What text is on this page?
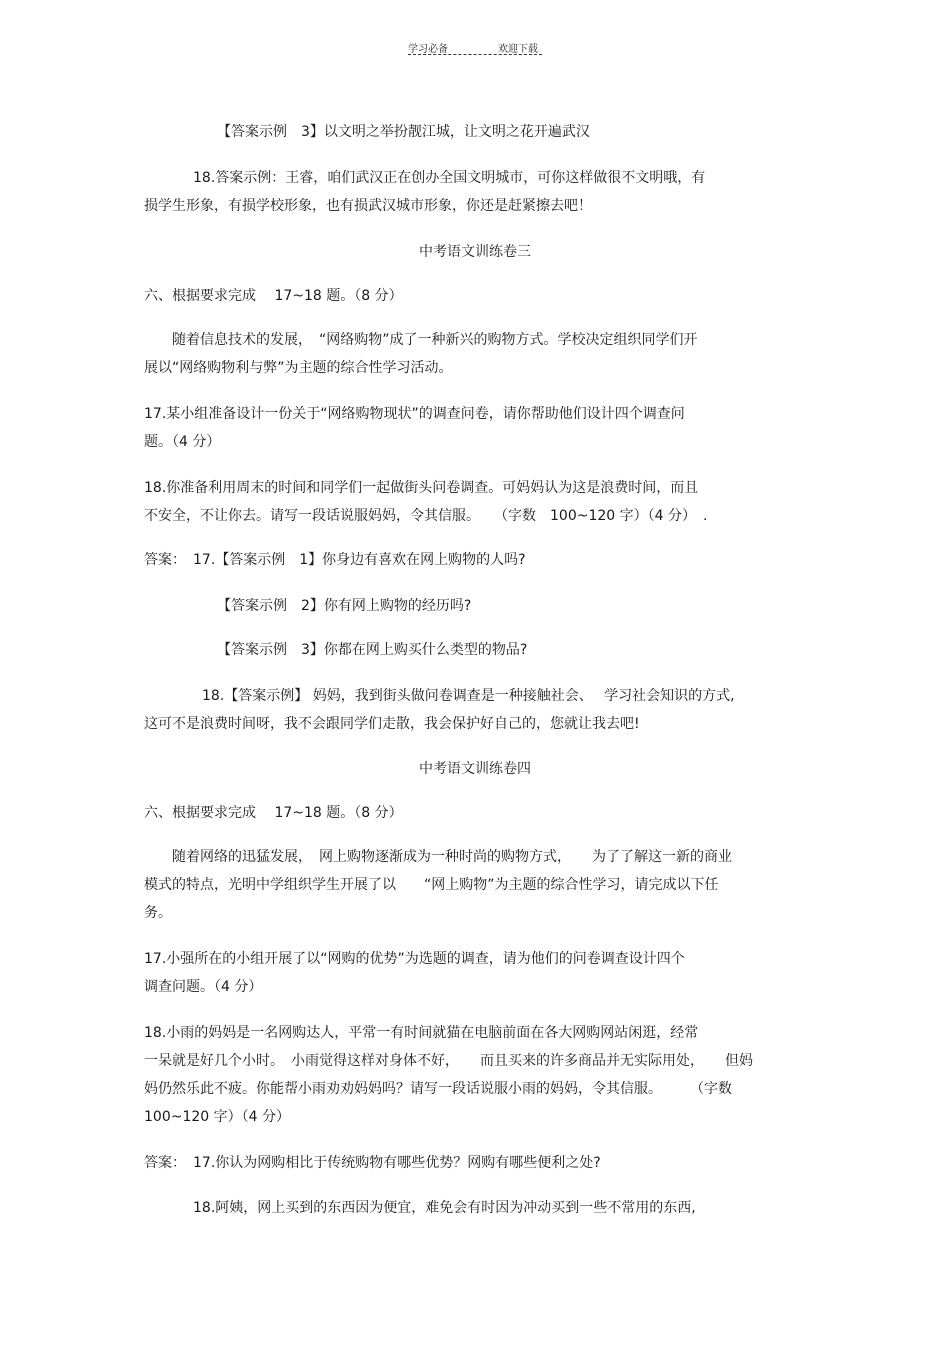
学习必备	欢迎下载
【答案示例　3】以文明之举扮靓江城，让文明之花开遍武汉
18.答案示例：王睿，咱们武汉正在创办全国文明城市，可你这样做很不文明哦，有
损学生形象，有损学校形象，也有损武汉城市形象，你还是赶紧擦去吧！
中考语文训练卷三
六、根据要求完成　 17~18 题。（8 分）
随着信息技术的发展，　“网络购物”成了一种新兴的购物方式。学校决定组织同学们开
展以“网络购物利与弊”为主题的综合性学习活动。
17.某小组准备设计一份关于“网络购物现状”的调查问卷，请你帮助他们设计四个调查问
题。（4 分）
18.你准备利用周末的时间和同学们一起做街头问卷调查。可妈妈认为这是浪费时间，而且
不安全，不让你去。请写一段话说服妈妈，令其信服。　　（字数　100~120 字）（4 分）　.
答案：　17.【答案示例　1】你身边有喜欢在网上购物的人吗?
【答案示例　2】你有网上购物的经历吗?
【答案示例　3】你都在网上购买什么类型的物品?
18.【答案示例】 妈妈，我到街头做问卷调查是一种接触社会、　 学习社会知识的方式,
这可不是浪费时间呀，我不会跟同学们走散，我会保护好自己的，您就让我去吧!
中考语文训练卷四
六、根据要求完成　 17~18 题。（8 分）
随着网络的迅猛发展，　网上购物逐渐成为一种时尚的购物方式，　　为了了解这一新的商业
模式的特点，光明中学组织学生开展了以　　“网上购物”为主题的综合性学习，请完成以下任
务。
17.小强所在的小组开展了以“网购的优势”为选题的调查，请为他们的问卷调查设计四个
调查问题。（4 分）
18.小雨的妈妈是一名网购达人，平常一有时间就猫在电脑前面在各大网购网站闲逛，经常
一呆就是好几个小时。　小雨觉得这样对身体不好，　　而且买来的许多商品并无实际用处，　　但妈
妈仍然乐此不疲。你能帮小雨劝劝妈妈吗？请写一段话说服小雨的妈妈，令其信服。　　　（字数
100~120 字）（4 分）
答案：　17.你认为网购相比于传统购物有哪些优势？网购有哪些便利之处?
18.阿姨，网上买到的东西因为便宜，难免会有时因为冲动买到一些不常用的东西,
